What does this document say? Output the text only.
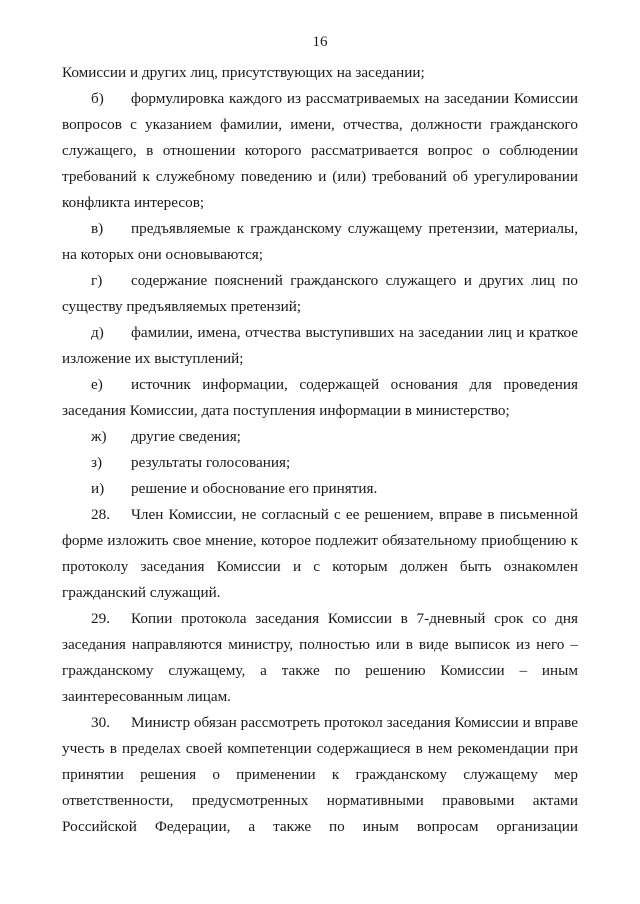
16

Комиссии и других лиц, присутствующих на заседании;

б) формулировка каждого из рассматриваемых на заседании Комиссии вопросов с указанием фамилии, имени, отчества, должности гражданского служащего, в отношении которого рассматривается вопрос о соблюдении требований к служебному поведению и (или) требований об урегулировании конфликта интересов;

в) предъявляемые к гражданскому служащему претензии, материалы, на которых они основываются;

г) содержание пояснений гражданского служащего и других лиц по существу предъявляемых претензий;

д) фамилии, имена, отчества выступивших на заседании лиц и краткое изложение их выступлений;

е) источник информации, содержащей основания для проведения заседания Комиссии, дата поступления информации в министерство;

ж) другие сведения;

з) результаты голосования;

и) решение и обоснование его принятия.

28. Член Комиссии, не согласный с ее решением, вправе в письменной форме изложить свое мнение, которое подлежит обязательному приобщению к протоколу заседания Комиссии и с которым должен быть ознакомлен гражданский служащий.

29. Копии протокола заседания Комиссии в 7-дневный срок со дня заседания направляются министру, полностью или в виде выписок из него – гражданскому служащему, а также по решению Комиссии – иным заинтересованным лицам.

30. Министр обязан рассмотреть протокол заседания Комиссии и вправе учесть в пределах своей компетенции содержащиеся в нем рекомендации при принятии решения о применении к гражданскому служащему мер ответственности, предусмотренных нормативными правовыми актами Российской Федерации, а также по иным вопросам организации
